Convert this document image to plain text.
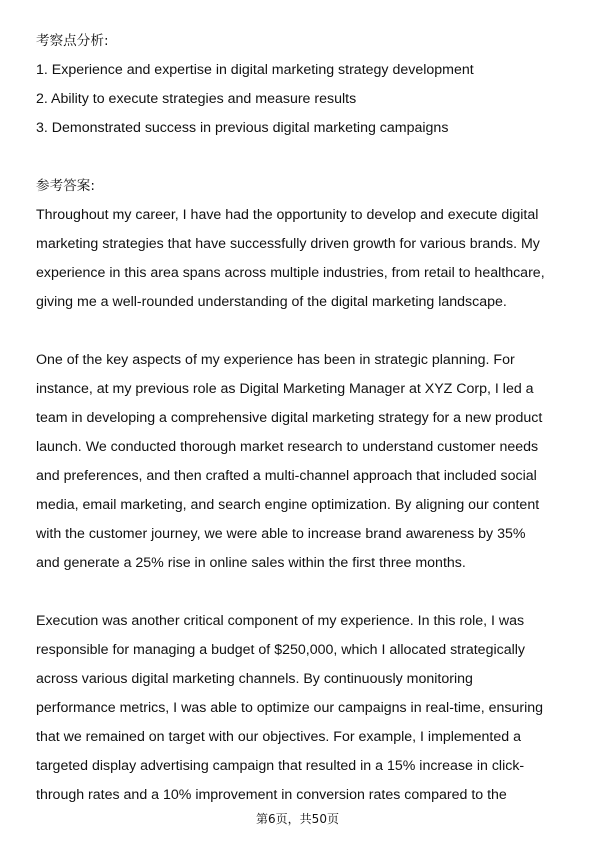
考察点分析:
1. Experience and expertise in digital marketing strategy development
2. Ability to execute strategies and measure results
3. Demonstrated success in previous digital marketing campaigns
参考答案:
Throughout my career, I have had the opportunity to develop and execute digital
marketing strategies that have successfully driven growth for various brands. My
experience in this area spans across multiple industries, from retail to healthcare,
giving me a well-rounded understanding of the digital marketing landscape.
One of the key aspects of my experience has been in strategic planning. For
instance, at my previous role as Digital Marketing Manager at XYZ Corp, I led a
team in developing a comprehensive digital marketing strategy for a new product
launch. We conducted thorough market research to understand customer needs
and preferences, and then crafted a multi-channel approach that included social
media, email marketing, and search engine optimization. By aligning our content
with the customer journey, we were able to increase brand awareness by 35%
and generate a 25% rise in online sales within the first three months.
Execution was another critical component of my experience. In this role, I was
responsible for managing a budget of $250,000, which I allocated strategically
across various digital marketing channels. By continuously monitoring
performance metrics, I was able to optimize our campaigns in real-time, ensuring
that we remained on target with our objectives. For example, I implemented a
targeted display advertising campaign that resulted in a 15% increase in click-
through rates and a 10% improvement in conversion rates compared to the
第6页，共50页
